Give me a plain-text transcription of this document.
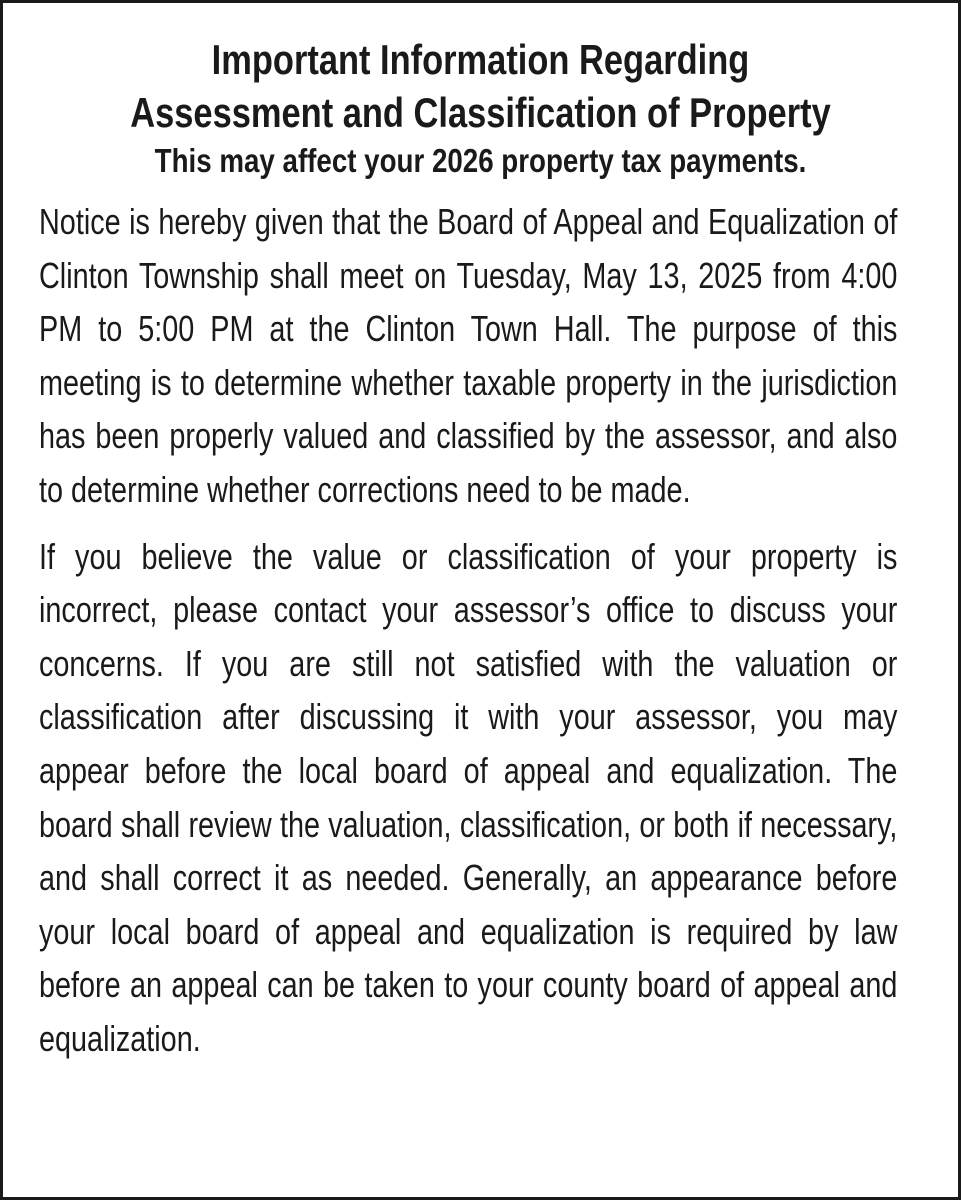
Important Information Regarding
Assessment and Classification of Property

This may affect your 2026 property tax payments.

Notice is hereby given that the Board of Appeal and Equalization of Clinton Township shall meet on Tuesday, May 13, 2025 from 4:00 PM to 5:00 PM at the Clinton Town Hall. The purpose of this meeting is to determine whether taxable property in the jurisdiction has been properly valued and classified by the assessor, and also to determine whether corrections need to be made.

If you believe the value or classification of your property is incorrect, please contact your assessor’s office to discuss your concerns. If you are still not satisfied with the valuation or classification after discussing it with your assessor, you may appear before the local board of appeal and equalization. The board shall review the valuation, classification, or both if necessary, and shall correct it as needed. Generally, an appearance before your local board of appeal and equalization is required by law before an appeal can be taken to your county board of appeal and equalization.
